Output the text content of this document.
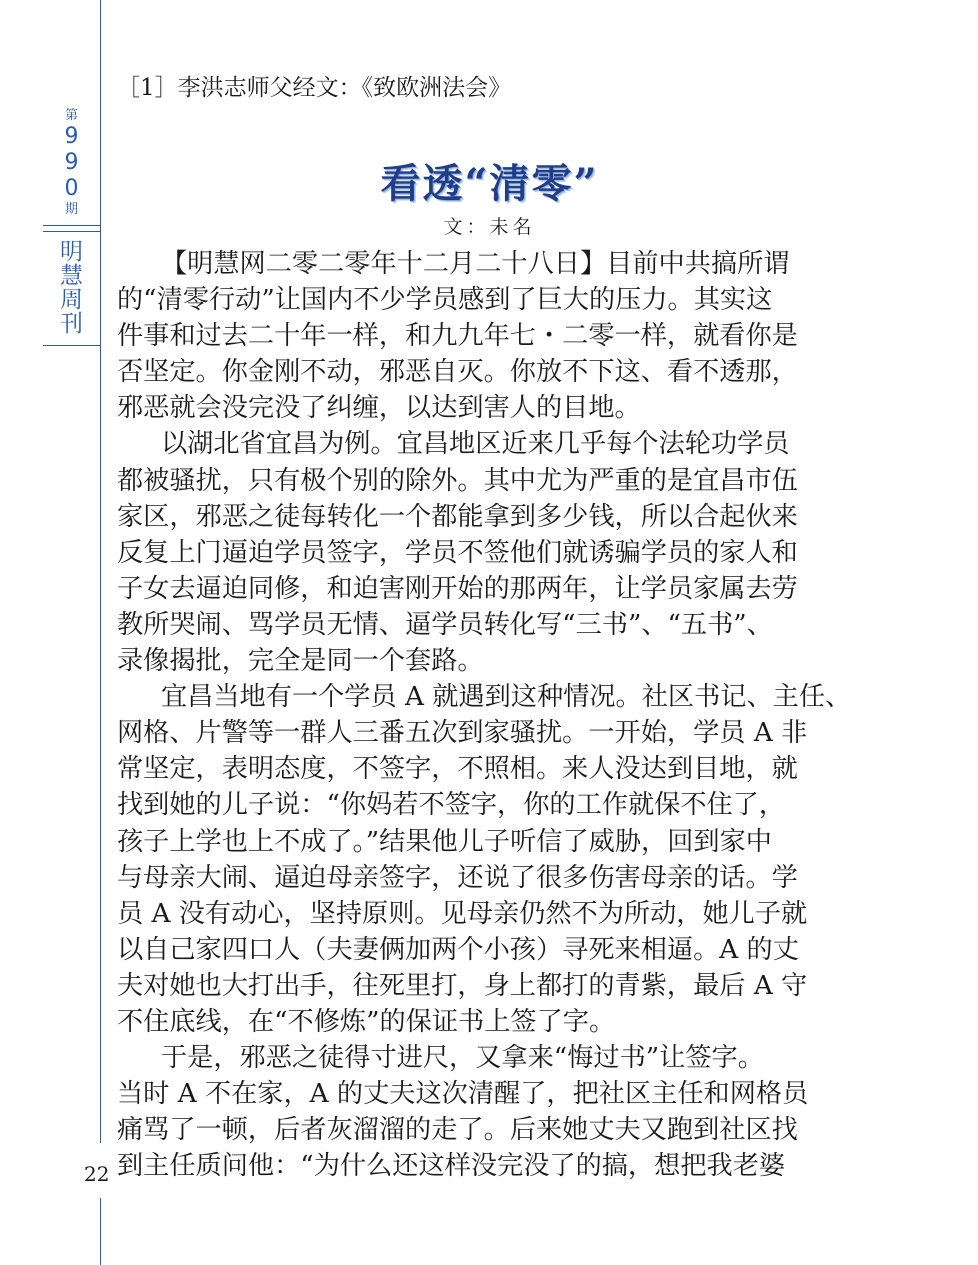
第
9
9
0
期
明
慧
周
刊
［1］李洪志师父经文：《致欧洲法会》
看透“清零”
文：未名

【明慧网二零二零年十二月二十八日】目前中共搞所谓

的“清零行动”让国内不少学员感到了巨大的压力。其实这

件事和过去二十年一样，和九九年七・二零一样，就看你是

否坚定。你金刚不动，邪恶自灭。你放不下这、看不透那，

邪恶就会没完没了纠缠，以达到害人的目地。

以湖北省宜昌为例。宜昌地区近来几乎每个法轮功学员

都被骚扰，只有极个别的除外。其中尤为严重的是宜昌市伍

家区，邪恶之徒每转化一个都能拿到多少钱，所以合起伙来

反复上门逼迫学员签字，学员不签他们就诱骗学员的家人和

子女去逼迫同修，和迫害刚开始的那两年，让学员家属去劳

教所哭闹、骂学员无情、逼学员转化写“三书”、“五书”、

录像揭批，完全是同一个套路。

宜昌当地有一个学员 A 就遇到这种情况。社区书记、主任、

网格、片警等一群人三番五次到家骚扰。一开始，学员 A 非

常坚定，表明态度，不签字，不照相。来人没达到目地，就

找到她的儿子说：“你妈若不签字，你的工作就保不住了，

孩子上学也上不成了。”结果他儿子听信了威胁，回到家中

与母亲大闹、逼迫母亲签字，还说了很多伤害母亲的话。学

员 A 没有动心，坚持原则。见母亲仍然不为所动，她儿子就

以自己家四口人（夫妻俩加两个小孩）寻死来相逼。A 的丈

夫对她也大打出手，往死里打，身上都打的青紫，最后 A 守

不住底线，在“不修炼”的保证书上签了字。

于是，邪恶之徒得寸进尺，又拿来“悔过书”让签字。

当时 A 不在家，A 的丈夫这次清醒了，把社区主任和网格员

痛骂了一顿，后者灰溜溜的走了。后来她丈夫又跑到社区找

到主任质问他：“为什么还这样没完没了的搞，想把我老婆

22
